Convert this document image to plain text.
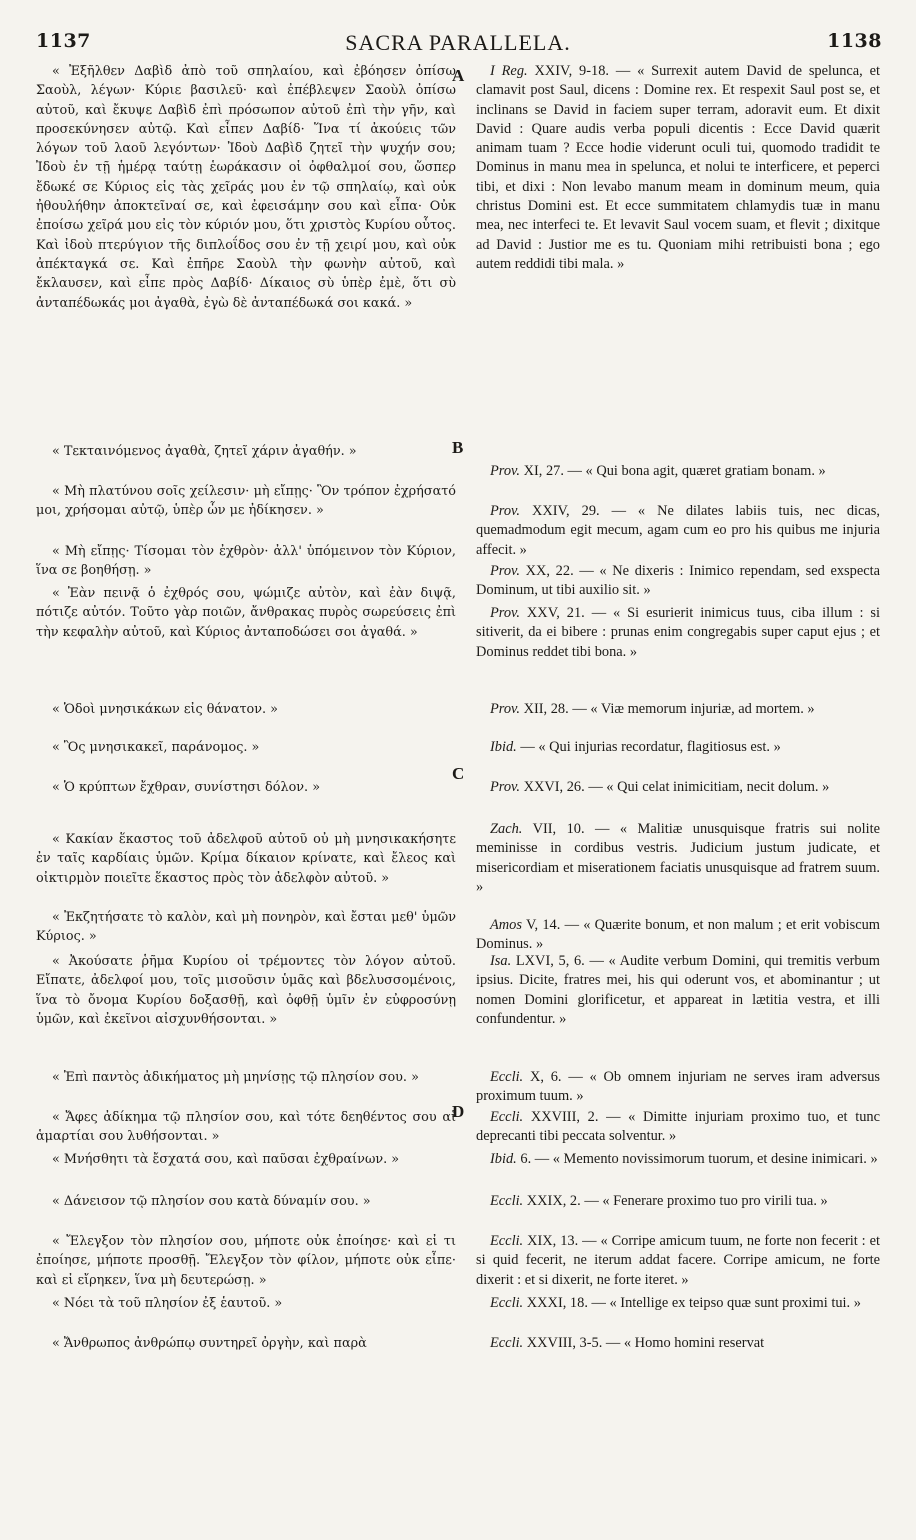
1137	SACRA PARALLELA.	1138
A
B
C
D

« Ἐξῆλθεν Δαβὶδ ἀπὸ τοῦ σπηλαίου, καὶ ἐβόησεν ὀπίσω Σαοὺλ, λέγων· Κύριε βασιλεῦ· καὶ ἐπέβλεψεν Σαοὺλ ὀπίσω αὐτοῦ, καὶ ἔκυψε Δαβὶδ ἐπὶ πρόσωπον αὐτοῦ ἐπὶ τὴν γῆν, καὶ προσεκύνησεν αὐτῷ. Καὶ εἶπεν Δαβίδ· Ἵνα τί ἀκούεις τῶν λόγων τοῦ λαοῦ λεγόντων· Ἰδοὺ Δαβὶδ ζητεῖ τὴν ψυχήν σου; Ἰδοὺ ἐν τῇ ἡμέρᾳ ταύτῃ ἑωράκασιν οἱ ὀφθαλμοί σου, ὥσπερ ἔδωκέ σε Κύριος εἰς τὰς χεῖράς μου ἐν τῷ σπηλαίῳ, καὶ οὐκ ἠθουλήθην ἀποκτεῖναί σε, καὶ ἐφεισάμην σου καὶ εἶπα· Οὐκ ἐποίσω χεῖρά μου εἰς τὸν κύριόν μου, ὅτι χριστὸς Κυρίου οὗτος. Καὶ ἰδοὺ πτερύγιον τῆς διπλοΐδος σου ἐν τῇ χειρί μου, καὶ οὐκ ἀπέκταγκά σε. Καὶ ἐπῆρε Σαοὺλ τὴν φωνὴν αὐτοῦ, καὶ ἔκλαυσεν, καὶ εἶπε πρὸς Δαβίδ· Δίκαιος σὺ ὑπὲρ ἐμὲ, ὅτι σὺ ἀνταπέδωκάς μοι ἀγαθὰ, ἐγὼ δὲ ἀνταπέδωκά σοι κακά. »

« Τεκταινόμενος ἀγαθὰ, ζητεῖ χάριν ἀγαθήν. »

« Μὴ πλατύνου σοῖς χείλεσιν· μὴ εἴπῃς· Ὃν τρόπον ἐχρήσατό μοι, χρήσομαι αὐτῷ, ὑπὲρ ὧν με ἠδίκησεν. »

« Μὴ εἴπῃς· Τίσομαι τὸν ἐχθρὸν· ἀλλ' ὑπόμεινον τὸν Κύριον, ἵνα σε βοηθήσῃ. »

« Ἐὰν πεινᾷ ὁ ἐχθρός σου, ψώμιζε αὐτὸν, καὶ ἐὰν διψᾷ, πότιζε αὐτόν. Τοῦτο γὰρ ποιῶν, ἄνθρακας πυρὸς σωρεύσεις ἐπὶ τὴν κεφαλὴν αὐτοῦ, καὶ Κύριος ἀνταποδώσει σοι ἀγαθά. »

« Ὁδοὶ μνησικάκων εἰς θάνατον. »

« Ὃς μνησικακεῖ, παράνομος. »

« Ὁ κρύπτων ἔχθραν, συνίστησι δόλον. »

« Κακίαν ἕκαστος τοῦ ἀδελφοῦ αὐτοῦ οὐ μὴ μνησικακήσητε ἐν ταῖς καρδίαις ὑμῶν. Κρίμα δίκαιον κρίνατε, καὶ ἔλεος καὶ οἰκτιρμὸν ποιεῖτε ἕκαστος πρὸς τὸν ἀδελφὸν αὐτοῦ. »

« Ἐκζητήσατε τὸ καλὸν, καὶ μὴ πονηρὸν, καὶ ἔσται μεθ' ὑμῶν Κύριος. »

« Ἀκούσατε ῥῆμα Κυρίου οἱ τρέμοντες τὸν λόγον αὐτοῦ. Εἴπατε, ἀδελφοί μου, τοῖς μισοῦσιν ὑμᾶς καὶ βδελυσσομένοις, ἵνα τὸ ὄνομα Κυρίου δοξασθῇ, καὶ ὀφθῇ ὑμῖν ἐν εὐφροσύνῃ ὑμῶν, καὶ ἐκεῖνοι αἰσχυνθήσονται. »

« Ἐπὶ παντὸς ἀδικήματος μὴ μηνίσῃς τῷ πλησίον σου. »

« Ἄφες ἀδίκημα τῷ πλησίον σου, καὶ τότε δεηθέντος σου αἱ ἁμαρτίαι σου λυθήσονται. »

« Μνήσθητι τὰ ἔσχατά σου, καὶ παῦσαι ἐχθραίνων. »

« Δάνεισον τῷ πλησίον σου κατὰ δύναμίν σου. »

« Ἔλεγξον τὸν πλησίον σου, μήποτε οὐκ ἐποίησε· καὶ εἰ τι ἐποίησε, μήποτε προσθῇ. Ἔλεγξον τὸν φίλον, μήποτε οὐκ εἶπε· καὶ εἰ εἴρηκεν, ἵνα μὴ δευτερώσῃ. »

« Νόει τὰ τοῦ πλησίον ἐξ ἑαυτοῦ. »

« Ἄνθρωπος ἀνθρώπῳ συντηρεῖ ὀργὴν, καὶ παρὰ

I Reg. XXIV, 9-18. — « Surrexit autem David de spelunca, et clamavit post Saul, dicens : Domine rex. Et respexit Saul post se, et inclinans se David in faciem super terram, adoravit eum. Et dixit David : Quare audis verba populi dicentis : Ecce David quærit animam tuam ? Ecce hodie viderunt oculi tui, quomodo tradidit te Dominus in manu mea in spelunca, et nolui te interficere, et peperci tibi, et dixi : Non levabo manum meam in dominum meum, quia christus Domini est. Et ecce summitatem chlamydis tuæ in manu mea, nec interfeci te. Et levavit Saul vocem suam, et flevit ; dixitque ad David : Justior me es tu. Quoniam mihi retribuisti bona ; ego autem reddidi tibi mala. »

Prov. XI, 27. — « Qui bona agit, quæret gratiam bonam. »

Prov. XXIV, 29. — « Ne dilates labiis tuis, nec dicas, quemadmodum egit mecum, agam cum eo pro his quibus me injuria affecit. »

Prov. XX, 22. — « Ne dixeris : Inimico rependam, sed exspecta Dominum, ut tibi auxilio sit. »

Prov. XXV, 21. — « Si esurierit inimicus tuus, ciba illum : si sitiverit, da ei bibere : prunas enim congregabis super caput ejus ; et Dominus reddet tibi bona. »

Prov. XII, 28. — « Viæ memorum injuriæ, ad mortem. »

Ibid. — « Qui injurias recordatur, flagitiosus est. »

Prov. XXVI, 26. — « Qui celat inimicitiam, necit dolum. »

Zach. VII, 10. — « Malitiæ unusquisque fratris sui nolite meminisse in cordibus vestris. Judicium justum judicate, et misericordiam et miserationem faciatis unusquisque ad fratrem suum. »

Amos V, 14. — « Quærite bonum, et non malum ; et erit vobiscum Dominus. »

Isa. LXVI, 5, 6. — « Audite verbum Domini, qui tremitis verbum ipsius. Dicite, fratres mei, his qui oderunt vos, et abominantur ; ut nomen Domini glorificetur, et appareat in lætitia vestra, et illi confundentur. »

Eccli. X, 6. — « Ob omnem injuriam ne serves iram adversus proximum tuum. »

Eccli. XXVIII, 2. — « Dimitte injuriam proximo tuo, et tunc deprecanti tibi peccata solventur. »

Ibid. 6. — « Memento novissimorum tuorum, et desine inimicari. »

Eccli. XXIX, 2. — « Fenerare proximo tuo pro virili tua. »

Eccli. XIX, 13. — « Corripe amicum tuum, ne forte non fecerit : et si quid fecerit, ne iterum addat facere. Corripe amicum, ne forte dixerit : et si dixerit, ne forte iteret. »

Eccli. XXXI, 18. — « Intellige ex teipso quæ sunt proximi tui. »

Eccli. XXVIII, 3-5. — « Homo homini reservat
